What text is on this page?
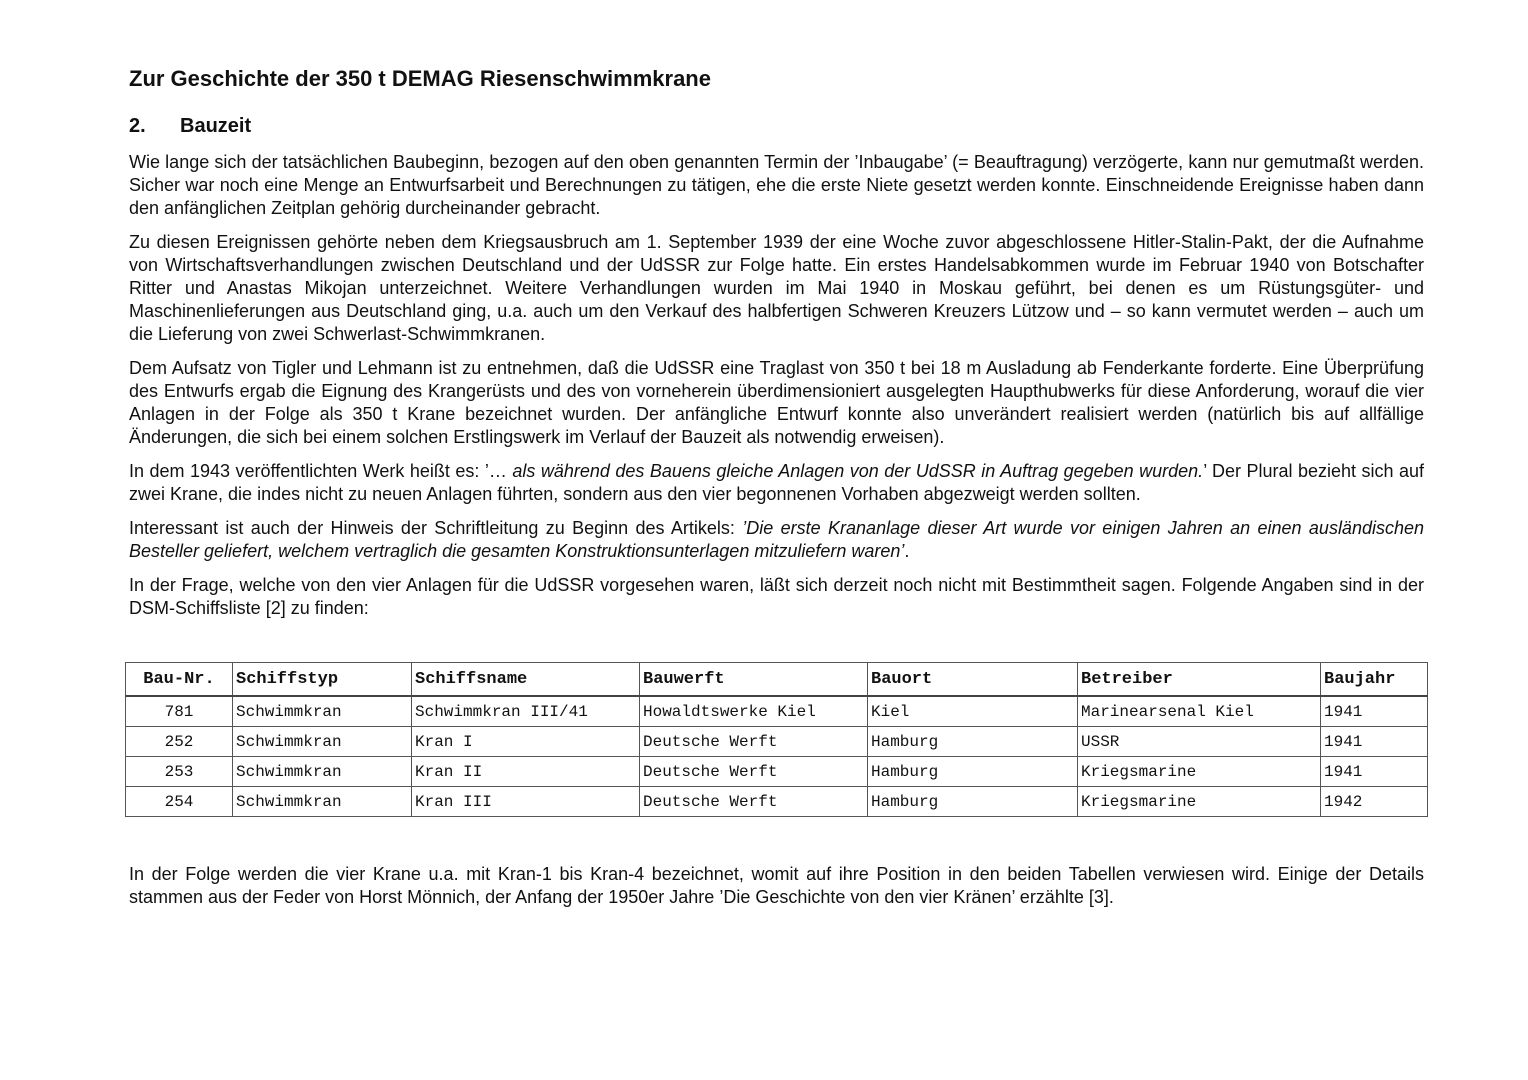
Zur Geschichte der 350 t DEMAG Riesenschwimmkrane
2. Bauzeit

Wie lange sich der tatsächlichen Baubeginn, bezogen auf den oben genannten Termin der ’Inbaugabe’ (= Beauftragung) verzögerte, kann nur gemutmaßt werden. Sicher war noch eine Menge an Entwurfsarbeit und Berechnungen zu tätigen, ehe die erste Niete gesetzt werden konnte. Einschneidende Ereignisse haben dann den anfänglichen Zeitplan gehörig durcheinander gebracht.

Zu diesen Ereignissen gehörte neben dem Kriegsausbruch am 1. September 1939 der eine Woche zuvor abgeschlossene Hitler-Stalin-Pakt, der die Aufnahme von Wirtschaftsverhandlungen zwischen Deutschland und der UdSSR zur Folge hatte. Ein erstes Handelsabkommen wurde im Februar 1940 von Botschafter Ritter und Anastas Mikojan unterzeichnet. Weitere Verhandlungen wurden im Mai 1940 in Moskau geführt, bei denen es um Rüstungsgüter- und Maschinenlieferungen aus Deutschland ging, u.a. auch um den Verkauf des halbfertigen Schweren Kreuzers Lützow und – so kann vermutet werden – auch um die Lieferung von zwei Schwerlast-Schwimmkranen.

Dem Aufsatz von Tigler und Lehmann ist zu entnehmen, daß die UdSSR eine Traglast von 350 t bei 18 m Ausladung ab Fenderkante forderte. Eine Überprüfung des Entwurfs ergab die Eignung des Krangerüsts und des von vorneherein überdimensioniert ausgelegten Haupthubwerks für diese Anforderung, worauf die vier Anlagen in der Folge als 350 t Krane bezeichnet wurden. Der anfängliche Entwurf konnte also unverändert realisiert werden (natürlich bis auf allfällige Änderungen, die sich bei einem solchen Erstlingswerk im Verlauf der Bauzeit als notwendig erweisen).

In dem 1943 veröffentlichten Werk heißt es: ’… als während des Bauens gleiche Anlagen von der UdSSR in Auftrag gegeben wurden.’ Der Plural bezieht sich auf zwei Krane, die indes nicht zu neuen Anlagen führten, sondern aus den vier begonnenen Vorhaben abgezweigt werden sollten.

Interessant ist auch der Hinweis der Schriftleitung zu Beginn des Artikels: ’Die erste Krananlage dieser Art wurde vor einigen Jahren an einen ausländischen Besteller geliefert, welchem vertraglich die gesamten Konstruktionsunterlagen mitzuliefern waren’.

In der Frage, welche von den vier Anlagen für die UdSSR vorgesehen waren, läßt sich derzeit noch nicht mit Bestimmtheit sagen. Folgende Angaben sind in der DSM-Schiffsliste [2] zu finden:

In der Folge werden die vier Krane u.a. mit Kran-1 bis Kran-4 bezeichnet, womit auf ihre Position in den beiden Tabellen verwiesen wird. Einige der Details stammen aus der Feder von Horst Mönnich, der Anfang der 1950er Jahre ’Die Geschichte von den vier Kränen’ erzählte [3].

Bau-Nr.	Schiffstyp	Schiffsname	Bauwerft	Bauort	Betreiber	Baujahr
781	Schwimmkran	Schwimmkran III/41	Howaldtswerke Kiel	Kiel	Marinearsenal Kiel	1941
252	Schwimmkran	Kran I	Deutsche Werft	Hamburg	USSR	1941
253	Schwimmkran	Kran II	Deutsche Werft	Hamburg	Kriegsmarine	1941
254	Schwimmkran	Kran III	Deutsche Werft	Hamburg	Kriegsmarine	1942
